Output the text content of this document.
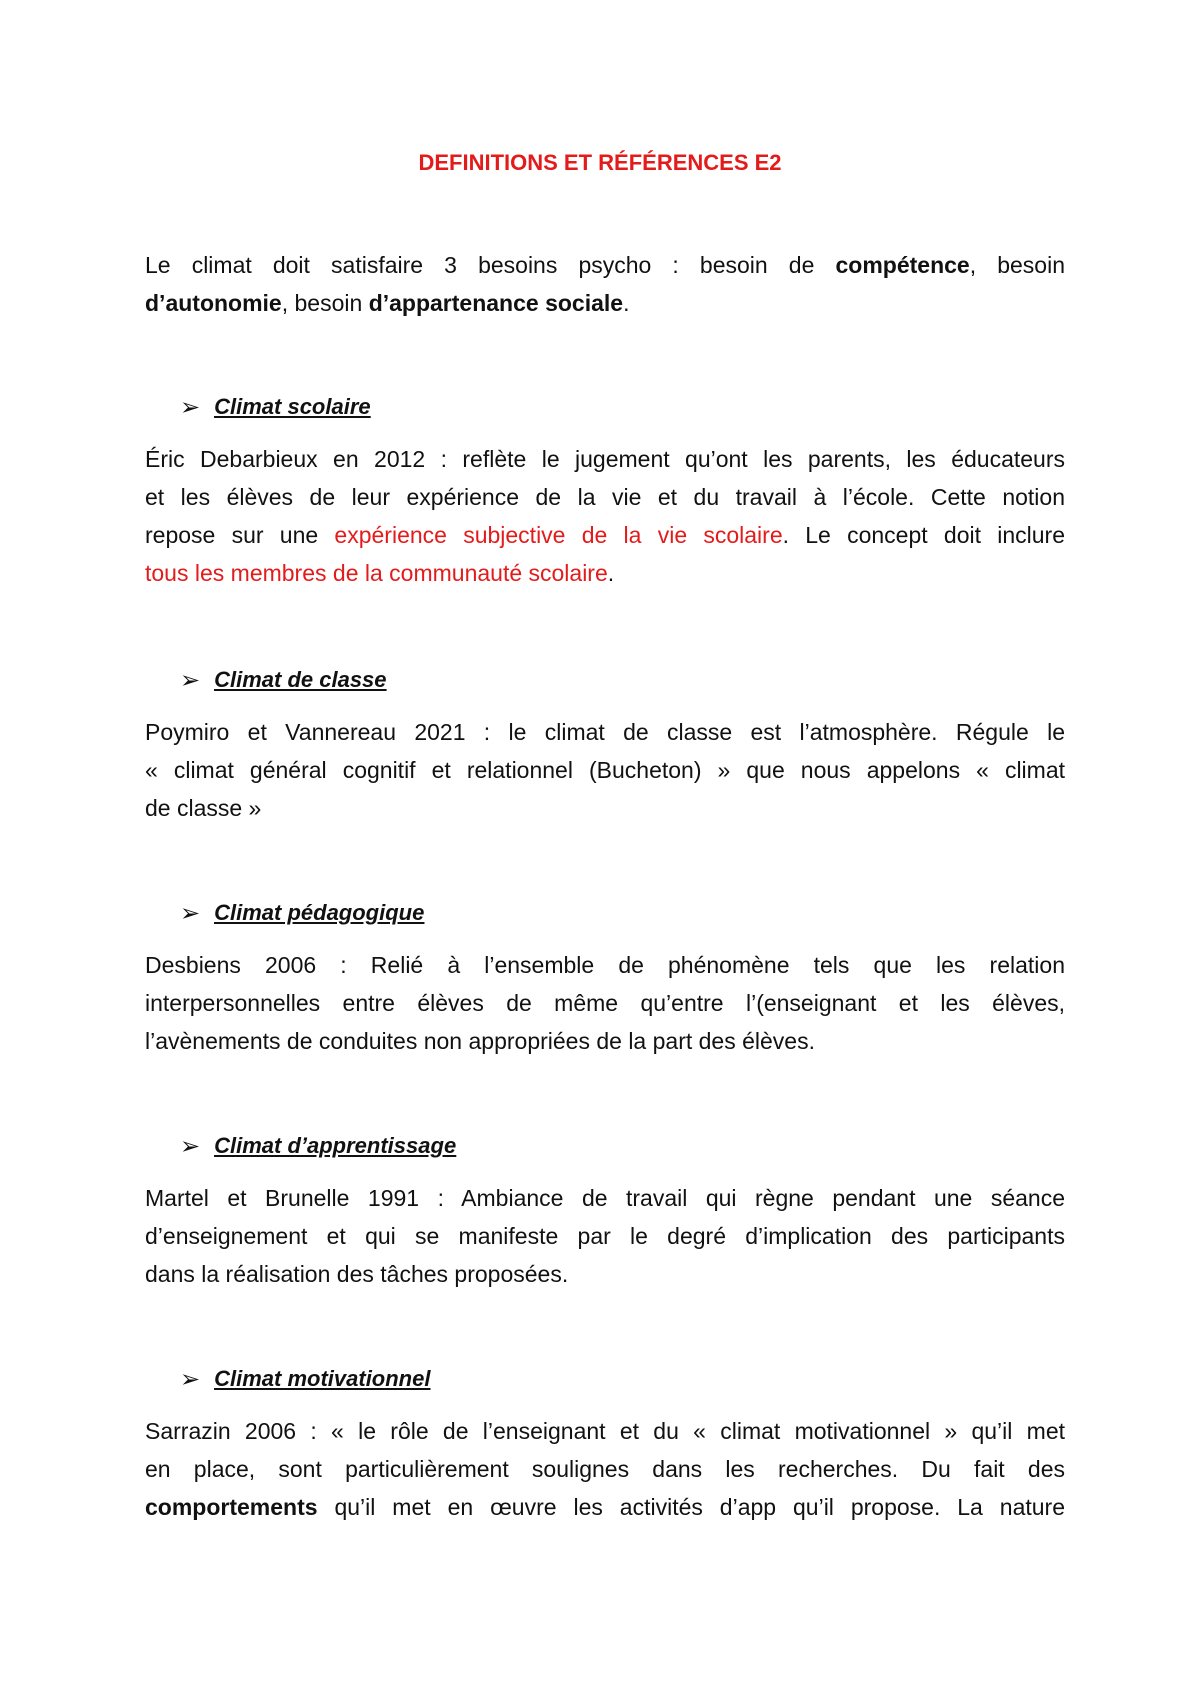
DEFINITIONS ET RÉFÉRENCES E2
Le climat doit satisfaire 3 besoins psycho : besoin de compétence, besoin
d’autonomie, besoin d’appartenance sociale.
➢ Climat scolaire
Éric Debarbieux en 2012 : reflète le jugement qu’ont les parents, les éducateurs
et les élèves de leur expérience de la vie et du travail à l’école. Cette notion
repose sur une expérience subjective de la vie scolaire. Le concept doit inclure
tous les membres de la communauté scolaire.
➢ Climat de classe
Poymiro et Vannereau 2021 : le climat de classe est l’atmosphère. Régule le
« climat général cognitif et relationnel (Bucheton) » que nous appelons « climat
de classe »
➢ Climat pédagogique
Desbiens 2006 : Relié à l’ensemble de phénomène tels que les relation
interpersonnelles entre élèves de même qu’entre l’(enseignant et les élèves,
l’avènements de conduites non appropriées de la part des élèves.
➢ Climat d’apprentissage
Martel et Brunelle 1991 : Ambiance de travail qui règne pendant une séance
d’enseignement et qui se manifeste par le degré d’implication des participants
dans la réalisation des tâches proposées.
➢ Climat motivationnel
Sarrazin 2006 : « le rôle de l’enseignant et du « climat motivationnel » qu’il met
en place, sont particulièrement soulignes dans les recherches. Du fait des
comportements qu’il met en œuvre les activités d’app qu’il propose. La nature
